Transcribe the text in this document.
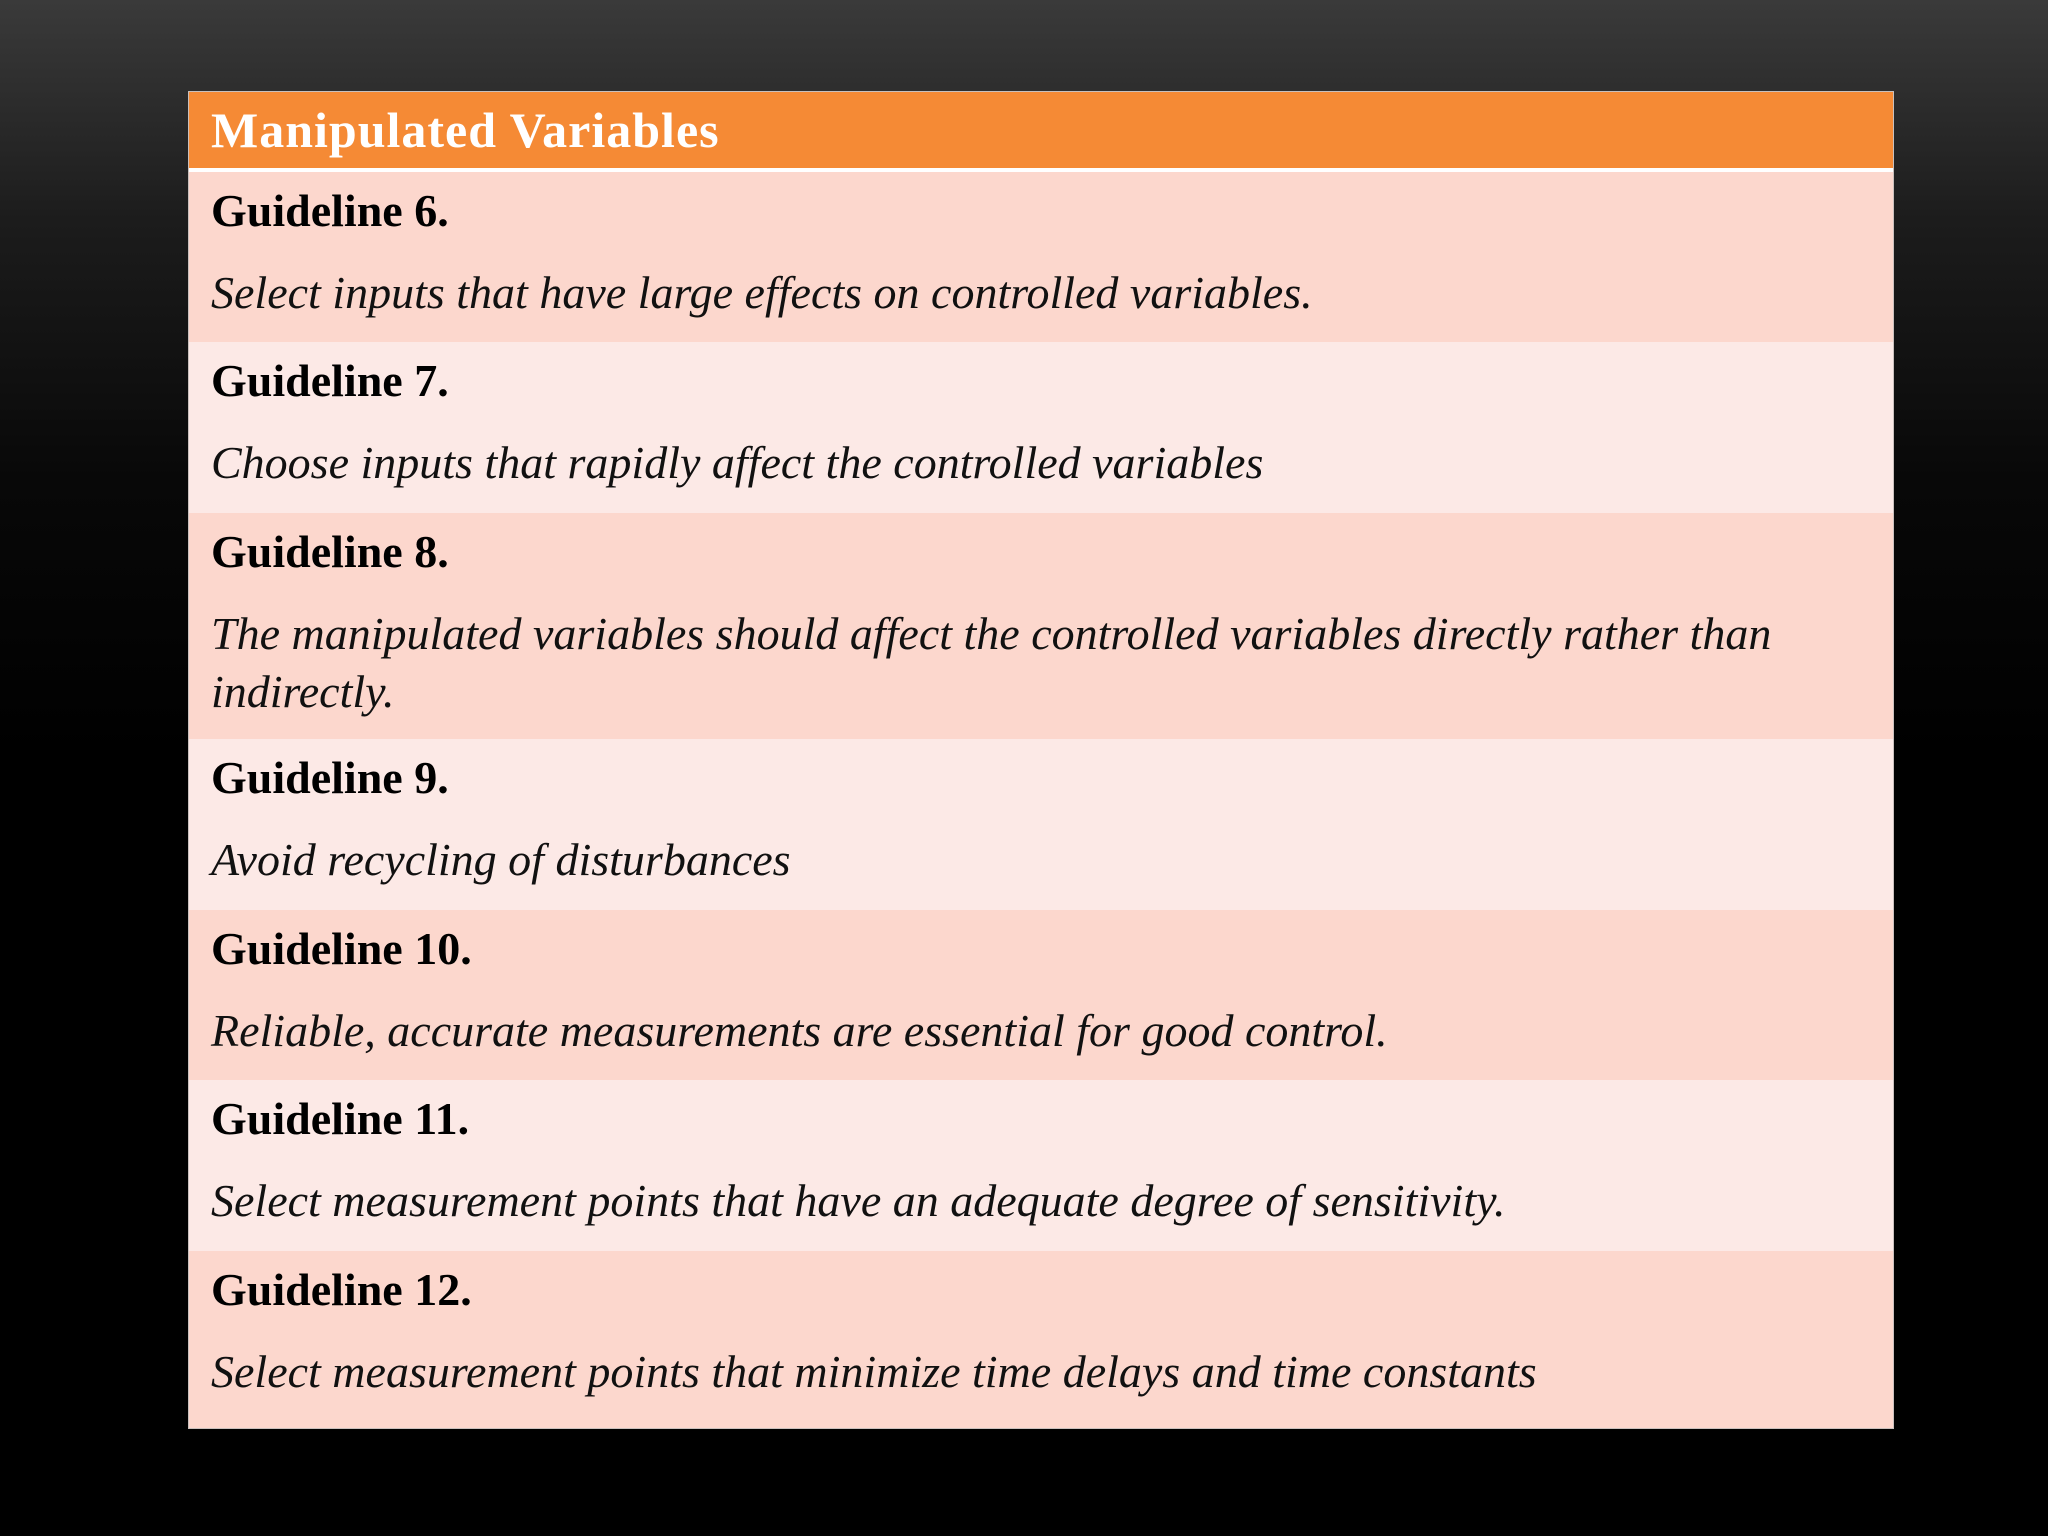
Manipulated Variables
Guideline 6.
Select inputs that have large effects on controlled variables.
Guideline 7.
Choose inputs that rapidly affect the controlled variables
Guideline 8.
The manipulated variables should affect the controlled variables directly rather than indirectly.
Guideline 9.
Avoid recycling of disturbances
Guideline 10.
Reliable, accurate measurements are essential for good control.
Guideline 11.
Select measurement points that have an adequate degree of sensitivity.
Guideline 12.
Select measurement points that minimize time delays and time constants
